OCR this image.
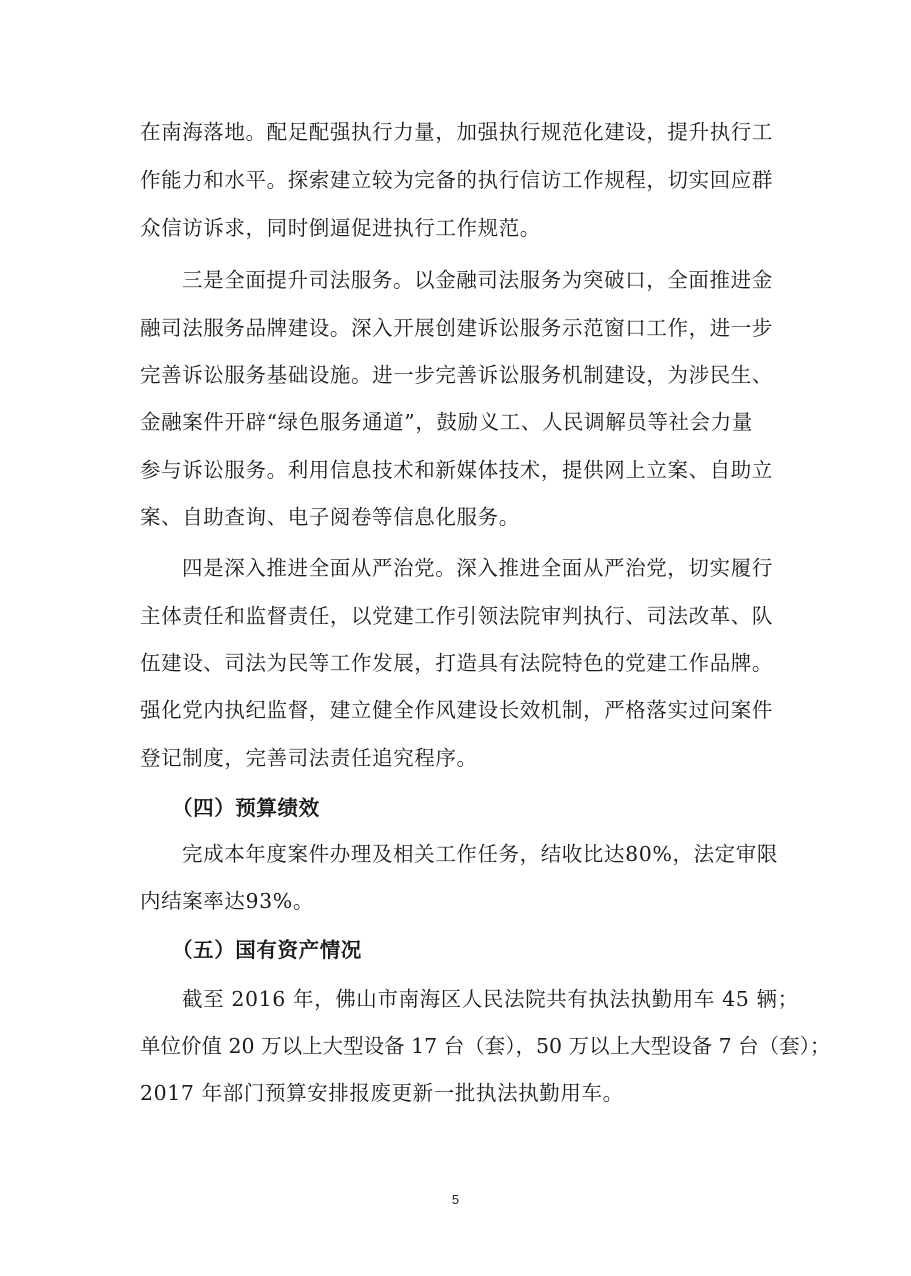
在南海落地。配足配强执行力量，加强执行规范化建设，提升执行工
作能力和水平。探索建立较为完备的执行信访工作规程，切实回应群
众信访诉求，同时倒逼促进执行工作规范。
三是全面提升司法服务。以金融司法服务为突破口，全面推进金
融司法服务品牌建设。深入开展创建诉讼服务示范窗口工作，进一步
完善诉讼服务基础设施。进一步完善诉讼服务机制建设，为涉民生、
金融案件开辟“绿色服务通道”，鼓励义工、人民调解员等社会力量
参与诉讼服务。利用信息技术和新媒体技术，提供网上立案、自助立
案、自助查询、电子阅卷等信息化服务。
四是深入推进全面从严治党。深入推进全面从严治党，切实履行
主体责任和监督责任，以党建工作引领法院审判执行、司法改革、队
伍建设、司法为民等工作发展，打造具有法院特色的党建工作品牌。
强化党内执纪监督，建立健全作风建设长效机制，严格落实过问案件
登记制度，完善司法责任追究程序。
（四）预算绩效
完成本年度案件办理及相关工作任务，结收比达80%，法定审限
内结案率达93%。
（五）国有资产情况
截至 2016 年，佛山市南海区人民法院共有执法执勤用车 45 辆；
单位价值 20 万以上大型设备 17 台（套），50 万以上大型设备 7 台（套）；
2017 年部门预算安排报废更新一批执法执勤用车。
5
